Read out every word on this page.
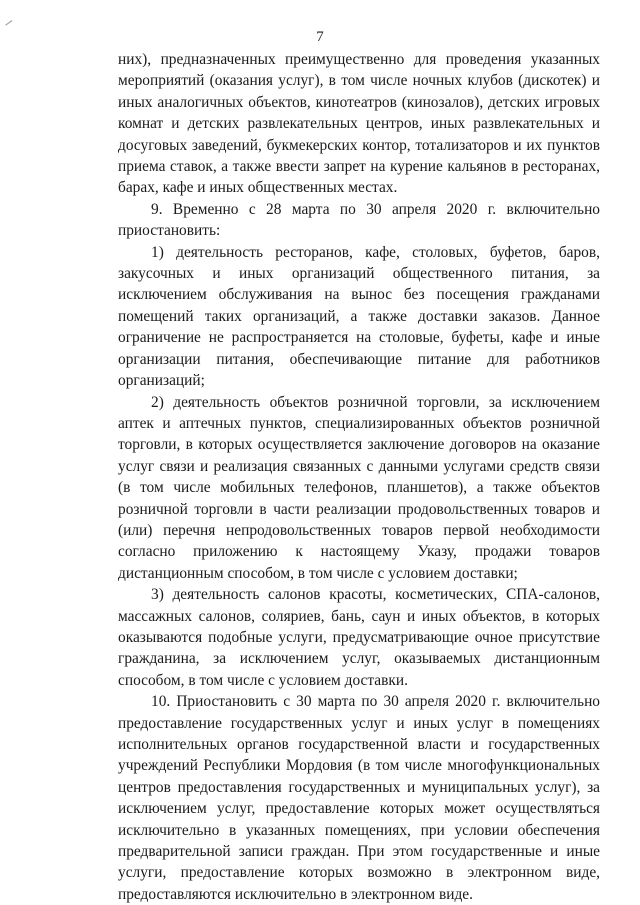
7

них), предназначенных преимущественно для проведения указанных мероприятий (оказания услуг), в том числе ночных клубов (дискотек) и иных аналогичных объектов, кинотеатров (кинозалов), детских игровых комнат и детских развлекательных центров, иных развлекательных и досуговых заведений, букмекерских контор, тотализаторов и их пунктов приема ставок, а также ввести запрет на курение кальянов в ресторанах, барах, кафе и иных общественных местах.

9. Временно с 28 марта по 30 апреля 2020 г. включительно приостановить:

1) деятельность ресторанов, кафе, столовых, буфетов, баров, закусочных и иных организаций общественного питания, за исключением обслуживания на вынос без посещения гражданами помещений таких организаций, а также доставки заказов. Данное ограничение не распространяется на столовые, буфеты, кафе и иные организации питания, обеспечивающие питание для работников организаций;

2) деятельность объектов розничной торговли, за исключением аптек и аптечных пунктов, специализированных объектов розничной торговли, в которых осуществляется заключение договоров на оказание услуг связи и реализация связанных с данными услугами средств связи (в том числе мобильных телефонов, планшетов), а также объектов розничной торговли в части реализации продовольственных товаров и (или) перечня непродовольственных товаров первой необходимости согласно приложению к настоящему Указу, продажи товаров дистанционным способом, в том числе с условием доставки;

3) деятельность салонов красоты, косметических, СПА-салонов, массажных салонов, соляриев, бань, саун и иных объектов, в которых оказываются подобные услуги, предусматривающие очное присутствие гражданина, за исключением услуг, оказываемых дистанционным способом, в том числе с условием доставки.

10. Приостановить с 30 марта по 30 апреля 2020 г. включительно предоставление государственных услуг и иных услуг в помещениях исполнительных органов государственной власти и государственных учреждений Республики Мордовия (в том числе многофункциональных центров предоставления государственных и муниципальных услуг), за исключением услуг, предоставление которых может осуществляться исключительно в указанных помещениях, при условии обеспечения предварительной записи граждан. При этом государственные и иные услуги, предоставление которых возможно в электронном виде, предоставляются исключительно в электронном виде.
